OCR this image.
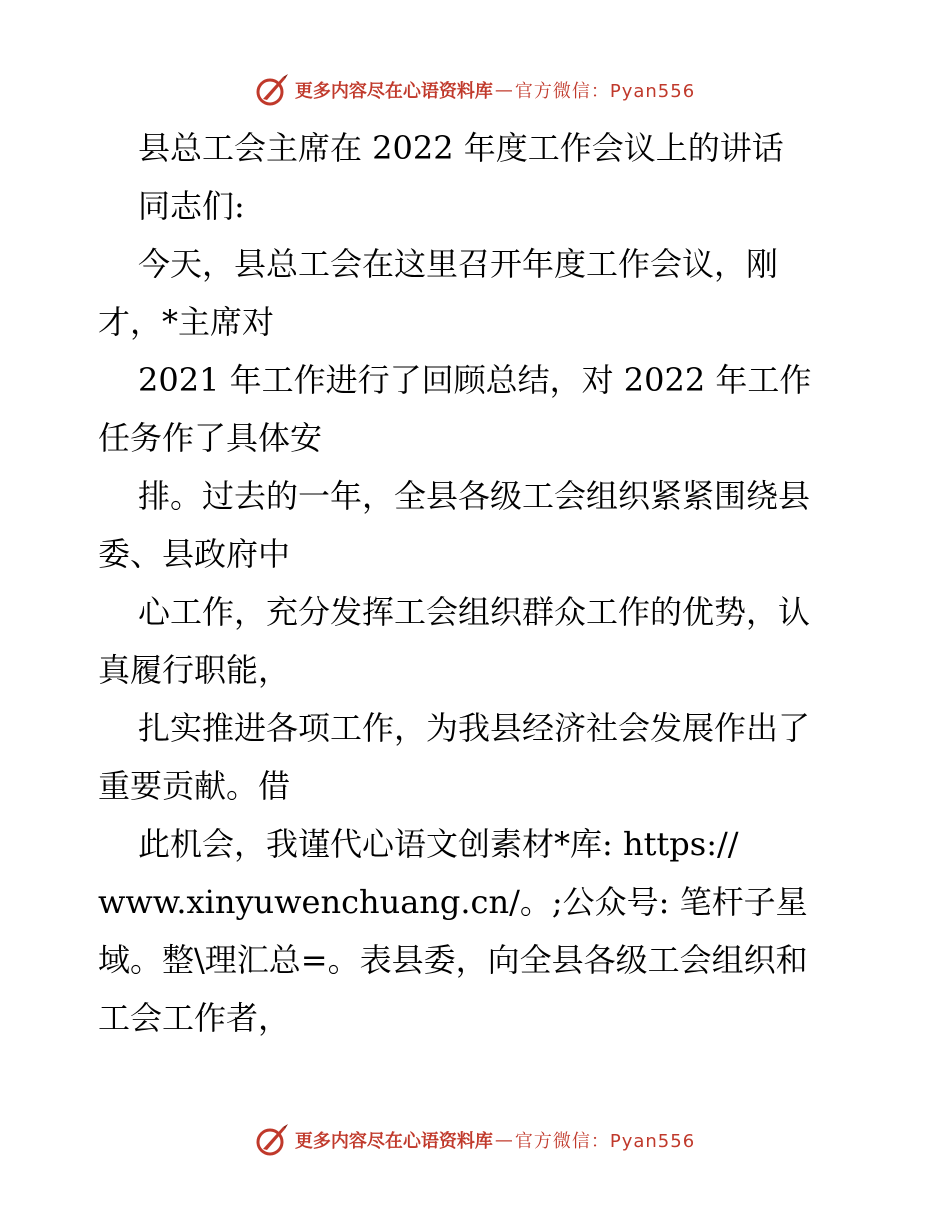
更多内容尽在心语资料库 — 官方微信：Pyan556
县总工会主席在 2022 年度工作会议上的讲话
同志们:
今天，县总工会在这里召开年度工作会议，刚
才，*主席对
2021 年工作进行了回顾总结，对 2022 年工作
任务作了具体安
排。过去的一年，全县各级工会组织紧紧围绕县
委、县政府中
心工作，充分发挥工会组织群众工作的优势，认
真履行职能，
扎实推进各项工作，为我县经济社会发展作出了
重要贡献。借
此机会，我谨代心语文创素材*库: https://
www.xinyuwenchuang.cn/。;公众号: 笔杆子星
域。整\理汇总=。表县委，向全县各级工会组织和
工会工作者，
更多内容尽在心语资料库 — 官方微信：Pyan556
